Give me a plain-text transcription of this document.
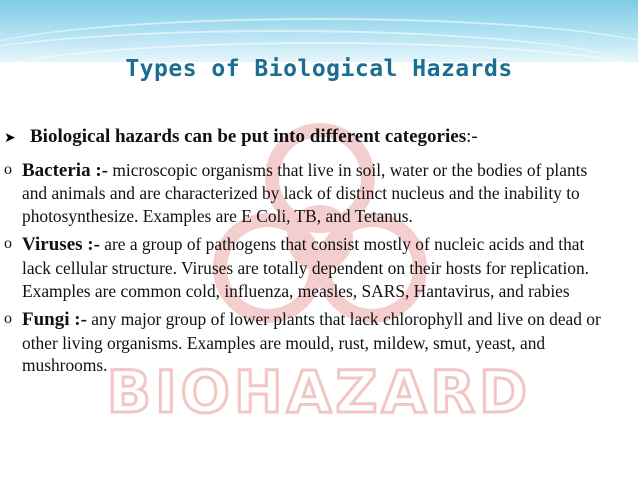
BIOHAZARD
Types of Biological Hazards
➤ Biological hazards can be put into different categories:-
o Bacteria :- microscopic organisms that live in soil, water or the bodies of plants and animals and are characterized by lack of distinct nucleus and the inability to photosynthesize. Examples are E Coli, TB, and Tetanus.
o Viruses :- are a group of pathogens that consist mostly of nucleic acids and that lack cellular structure. Viruses are totally dependent on their hosts for replication. Examples are common cold, influenza, measles, SARS, Hantavirus, and rabies
o Fungi :- any major group of lower plants that lack chlorophyll and live on dead or other living organisms. Examples are mould, rust, mildew, smut, yeast, and mushrooms.
